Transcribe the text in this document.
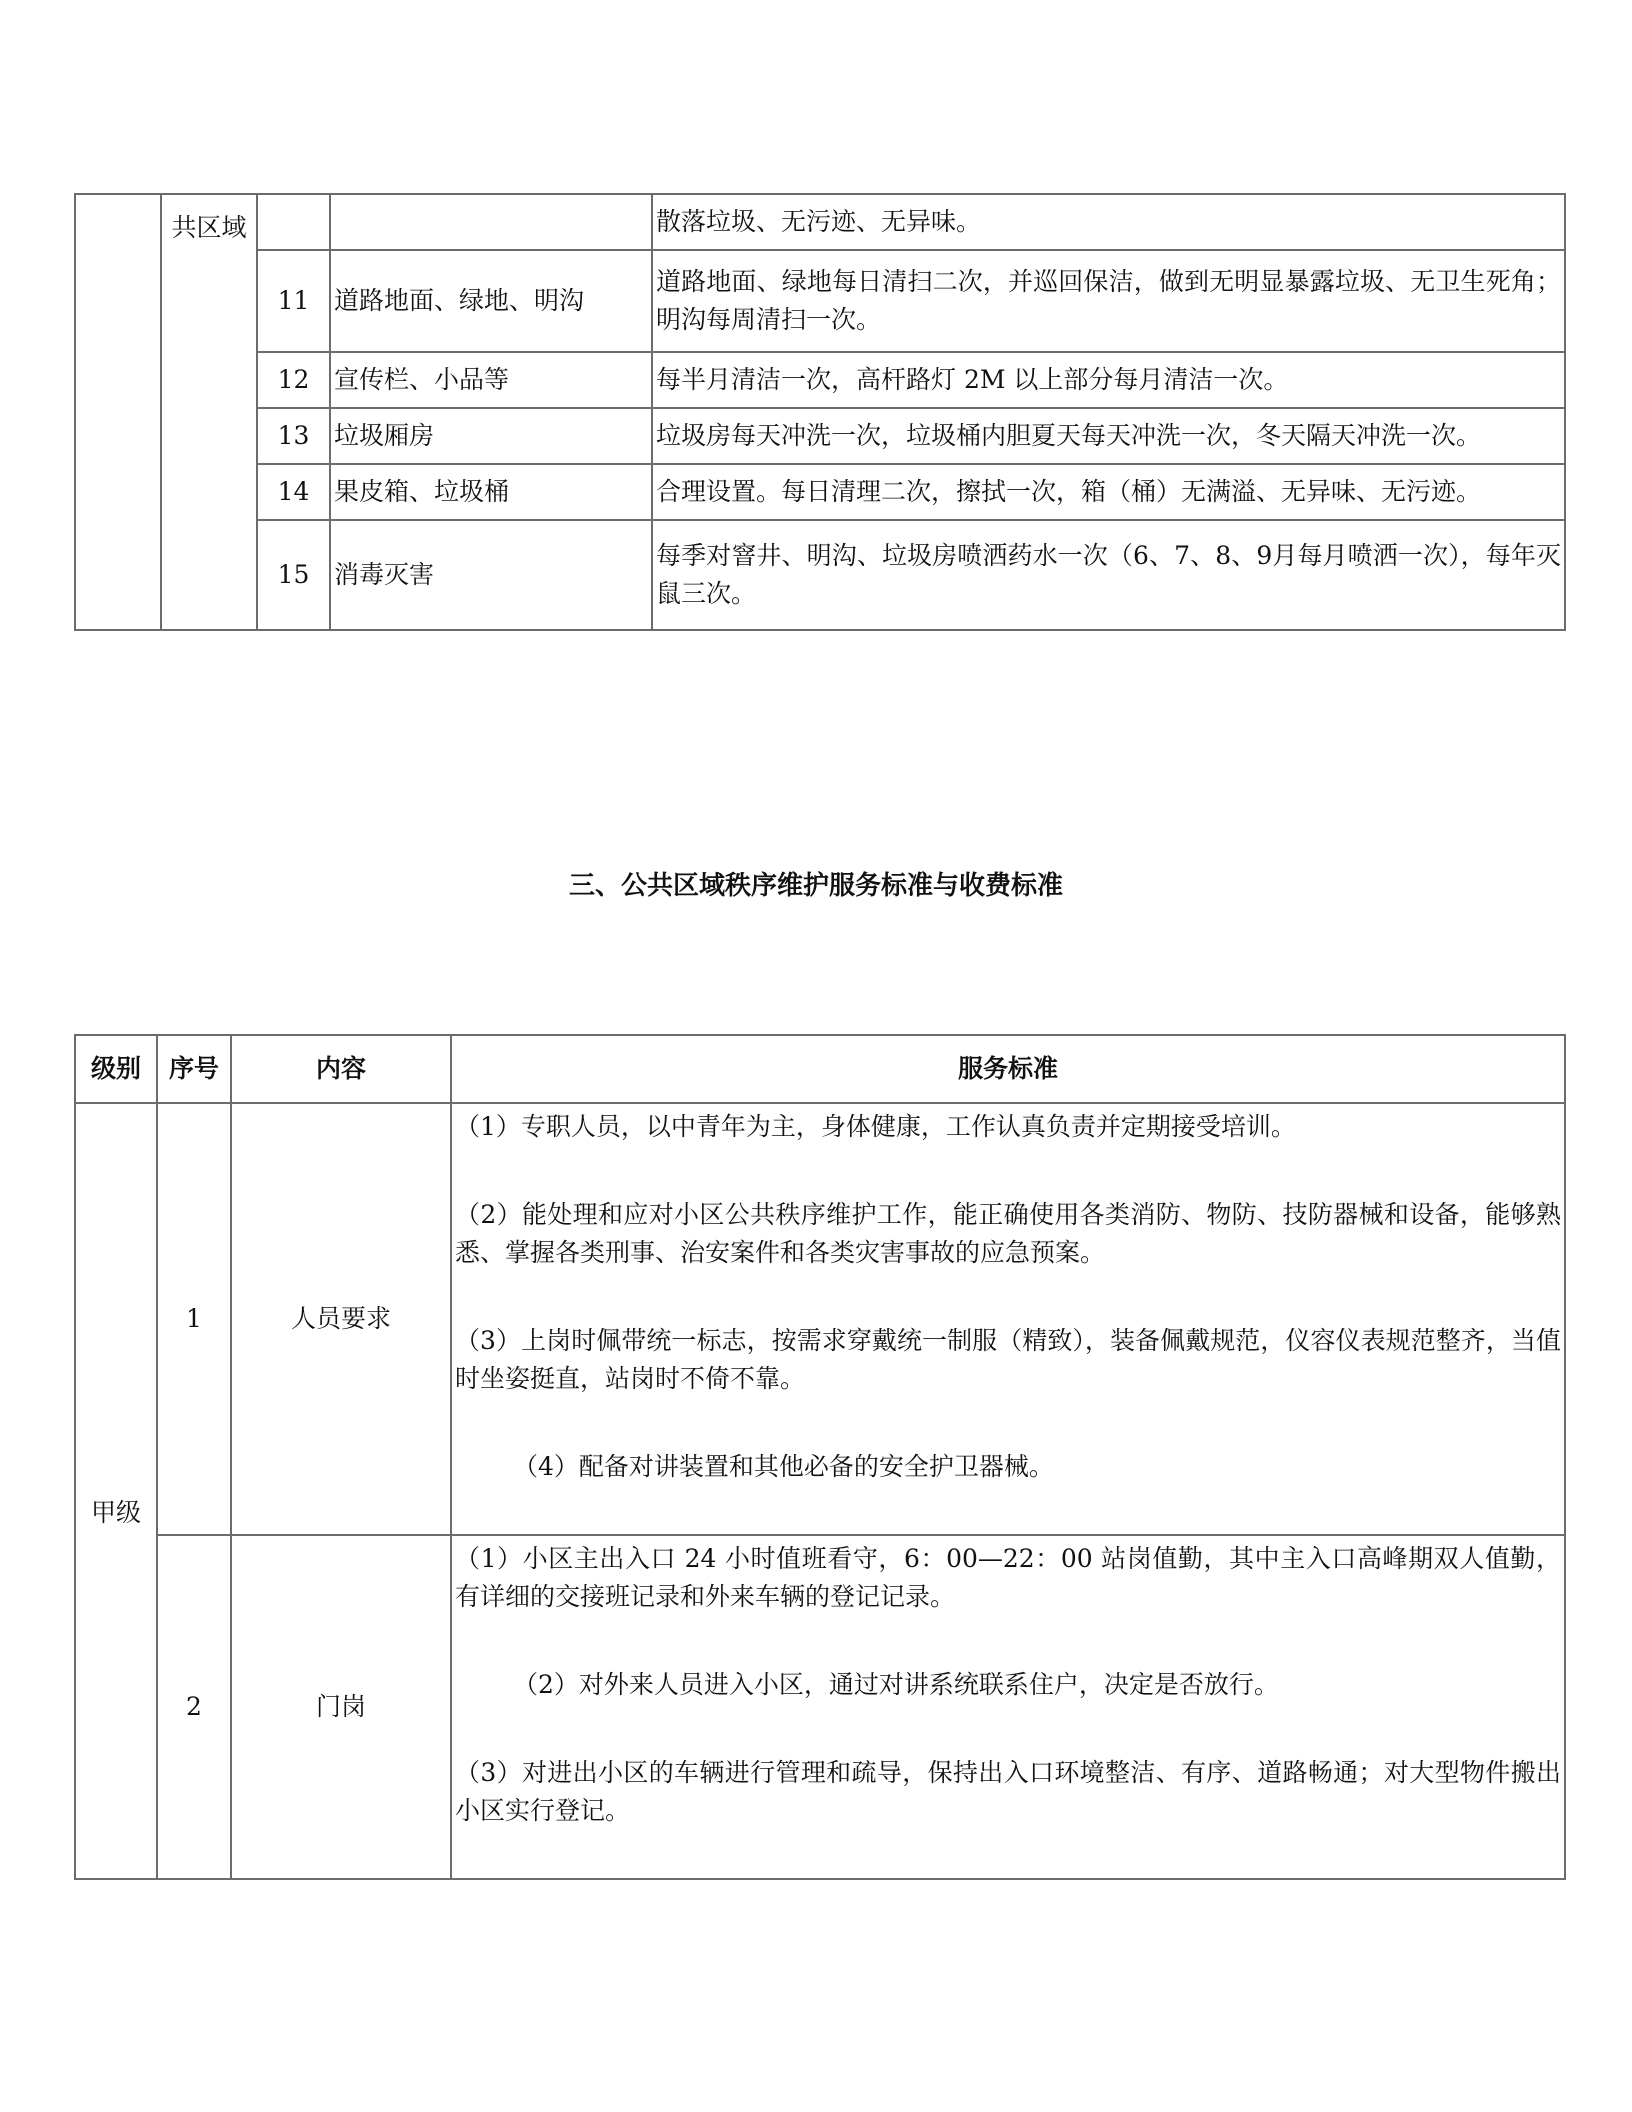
	共区域			散落垃圾、无污迹、无异味。
		11	道路地面、绿地、明沟	道路地面、绿地每日清扫二次，并巡回保洁，做到无明显暴露垃圾、无卫生死角；明沟每周清扫一次。
		12	宣传栏、小品等	每半月清洁一次，高杆路灯 2M 以上部分每月清洁一次。
		13	垃圾厢房	垃圾房每天冲洗一次，垃圾桶内胆夏天每天冲洗一次，冬天隔天冲洗一次。
		14	果皮箱、垃圾桶	合理设置。每日清理二次，擦拭一次，箱（桶）无满溢、无异味、无污迹。
		15	消毒灭害	每季对窨井、明沟、垃圾房喷洒药水一次（6、7、8、9月每月喷洒一次），每年灭鼠三次。
三、公共区域秩序维护服务标准与收费标准
级别	序号	内容	服务标准
甲级	1	人员要求	（1）专职人员，以中青年为主，身体健康，工作认真负责并定期接受培训。

（2）能处理和应对小区公共秩序维护工作，能正确使用各类消防、物防、技防器械和设备，能够熟悉、掌握各类刑事、治安案件和各类灾害事故的应急预案。

（3）上岗时佩带统一标志，按需求穿戴统一制服（精致），装备佩戴规范，仪容仪表规范整齐，当值时坐姿挺直，站岗时不倚不靠。

（4）配备对讲装置和其他必备的安全护卫器械。

	2	门岗	（1）小区主出入口 24 小时值班看守，6：00—22：00 站岗值勤，其中主入口高峰期双人值勤，有详细的交接班记录和外来车辆的登记记录。

（2）对外来人员进入小区，通过对讲系统联系住户，决定是否放行。

（3）对进出小区的车辆进行管理和疏导，保持出入口环境整洁、有序、道路畅通；对大型物件搬出小区实行登记。
